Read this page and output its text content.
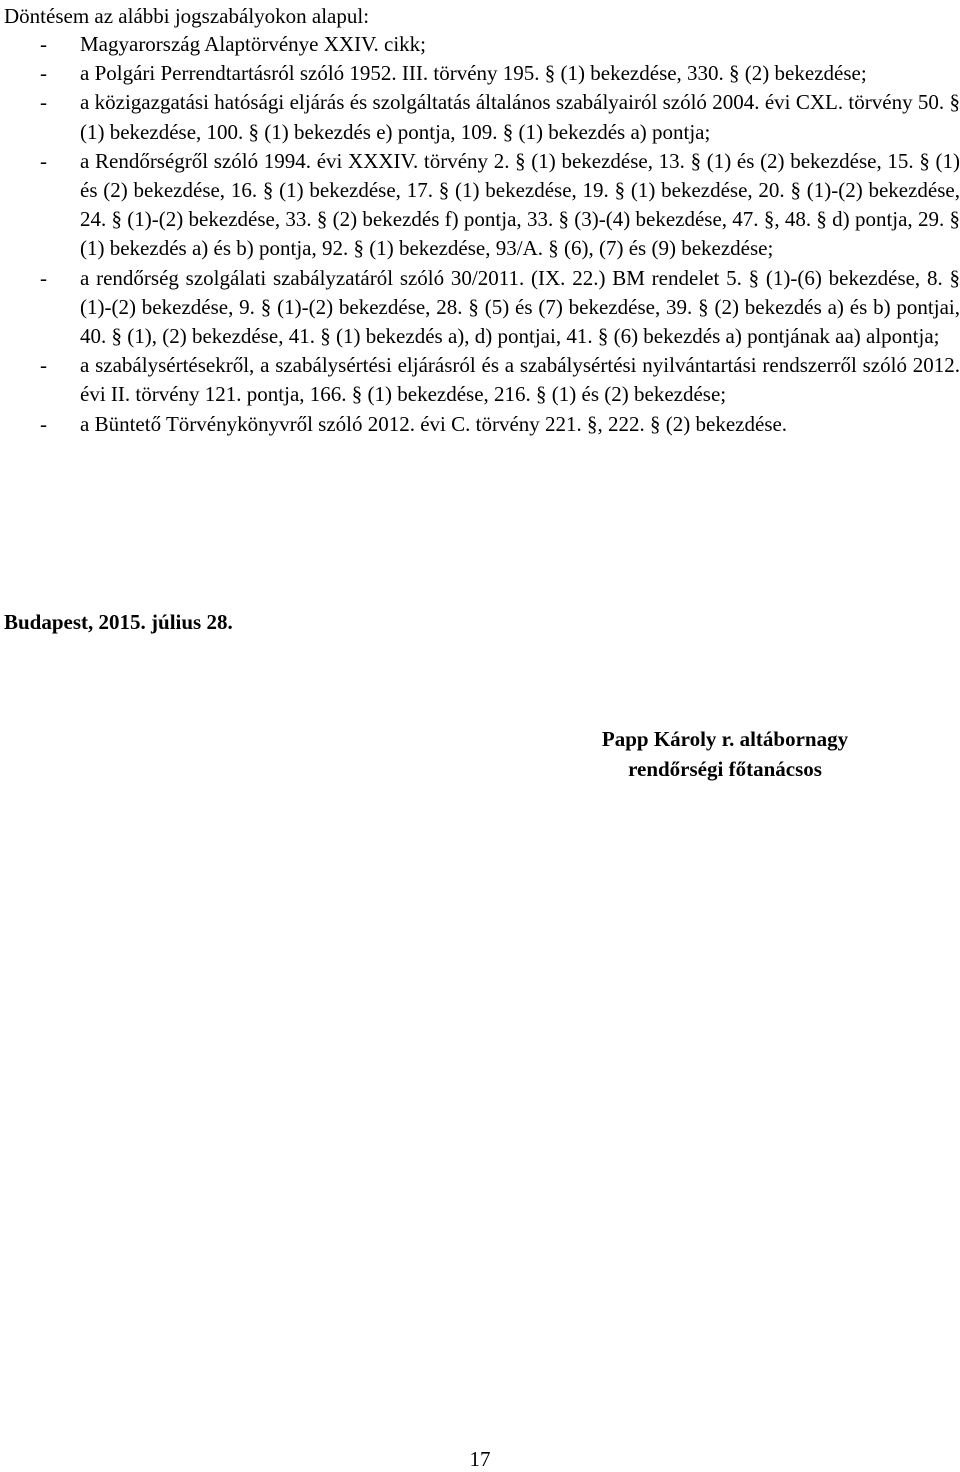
Döntésem az alábbi jogszabályokon alapul:
- Magyarország Alaptörvénye XXIV. cikk;
- a Polgári Perrendtartásról szóló 1952. III. törvény 195. § (1) bekezdése, 330. § (2) bekezdése;
- a közigazgatási hatósági eljárás és szolgáltatás általános szabályairól szóló 2004. évi CXL. törvény 50. § (1) bekezdése, 100. § (1) bekezdés e) pontja, 109. § (1) bekezdés a) pontja;
- a Rendőrségről szóló 1994. évi XXXIV. törvény 2. § (1) bekezdése, 13. § (1) és (2) bekezdése, 15. § (1) és (2) bekezdése, 16. § (1) bekezdése, 17. § (1) bekezdése, 19. § (1) bekezdése, 20. § (1)-(2) bekezdése, 24. § (1)-(2) bekezdése, 33. § (2) bekezdés f) pontja, 33. § (3)-(4) bekezdése, 47. §, 48. § d) pontja, 29. § (1) bekezdés a) és b) pontja, 92. § (1) bekezdése, 93/A. § (6), (7) és (9) bekezdése;
- a rendőrség szolgálati szabályzatáról szóló 30/2011. (IX. 22.) BM rendelet 5. § (1)-(6) bekezdése, 8. § (1)-(2) bekezdése, 9. § (1)-(2) bekezdése, 28. § (5) és (7) bekezdése, 39. § (2) bekezdés a) és b) pontjai, 40. § (1), (2) bekezdése, 41. § (1) bekezdés a), d) pontjai, 41. § (6) bekezdés a) pontjának aa) alpontja;
- a szabálysértésekről, a szabálysértési eljárásról és a szabálysértési nyilvántartási rendszerről szóló 2012. évi II. törvény 121. pontja, 166. § (1) bekezdése, 216. § (1) és (2) bekezdése;
- a Büntető Törvénykönyvről szóló 2012. évi C. törvény 221. §, 222. § (2) bekezdése.
Budapest, 2015. július 28.
Papp Károly r. altábornagy
rendőrségi főtanácsos
17
